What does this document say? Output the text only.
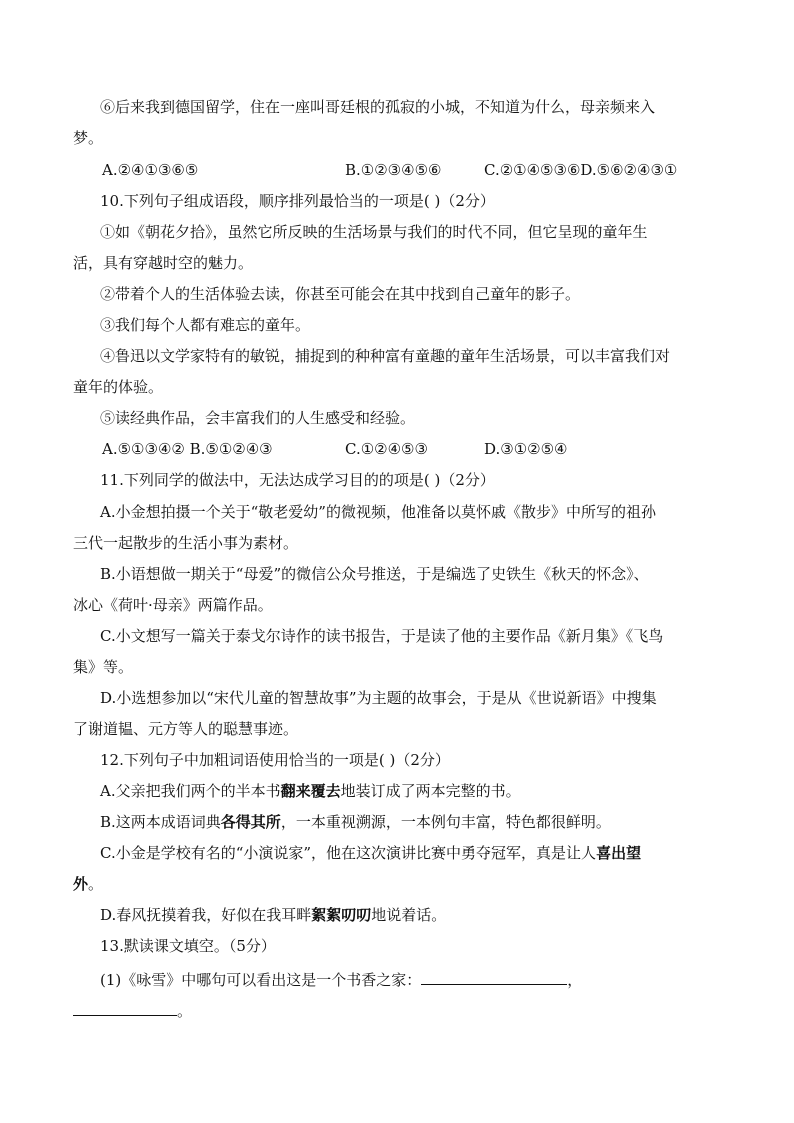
⑥后来我到德国留学，住在一座叫哥廷根的孤寂的小城，不知道为什么，母亲频来入
梦。
A.②④①③⑥⑤	B.①②③④⑤⑥	C.②①④⑤③⑥D.⑤⑥②④③①
10.下列句子组成语段，顺序排列最恰当的一项是( )（2分）
①如《朝花夕拾》，虽然它所反映的生活场景与我们的时代不同，但它呈现的童年生
活，具有穿越时空的魅力。
②带着个人的生活体验去读，你甚至可能会在其中找到自己童年的影子。
③我们每个人都有难忘的童年。
④鲁迅以文学家特有的敏锐，捕捉到的种种富有童趣的童年生活场景，可以丰富我们对
童年的体验。
⑤读经典作品，会丰富我们的人生感受和经验。
A.⑤①③④② B.⑤①②④③	C.①②④⑤③	D.③①②⑤④
11.下列同学的做法中，无法达成学习目的的项是( )（2分）
A.小金想拍摄一个关于“敬老爱幼”的微视频，他准备以莫怀戚《散步》中所写的祖孙
三代一起散步的生活小事为素材。
B.小语想做一期关于“母爱”的微信公众号推送，于是编选了史铁生《秋天的怀念》、
冰心《荷叶·母亲》两篇作品。
C.小文想写一篇关于泰戈尔诗作的读书报告，于是读了他的主要作品《新月集》《飞鸟
集》等。
D.小选想参加以“宋代儿童的智慧故事”为主题的故事会，于是从《世说新语》中搜集
了谢道韫、元方等人的聪慧事迹。
12.下列句子中加粗词语使用恰当的一项是( )（2分）
A.父亲把我们两个的半本书翻来覆去地装订成了两本完整的书。
B.这两本成语词典各得其所，一本重视溯源，一本例句丰富，特色都很鲜明。
C.小金是学校有名的“小演说家”，他在这次演讲比赛中勇夺冠军，真是让人喜出望
外。
D.春风抚摸着我，好似在我耳畔絮絮叨叨地说着话。
13.默读课文填空。（5分）
(1)《咏雪》中哪句可以看出这是一个书香之家：	，
。
